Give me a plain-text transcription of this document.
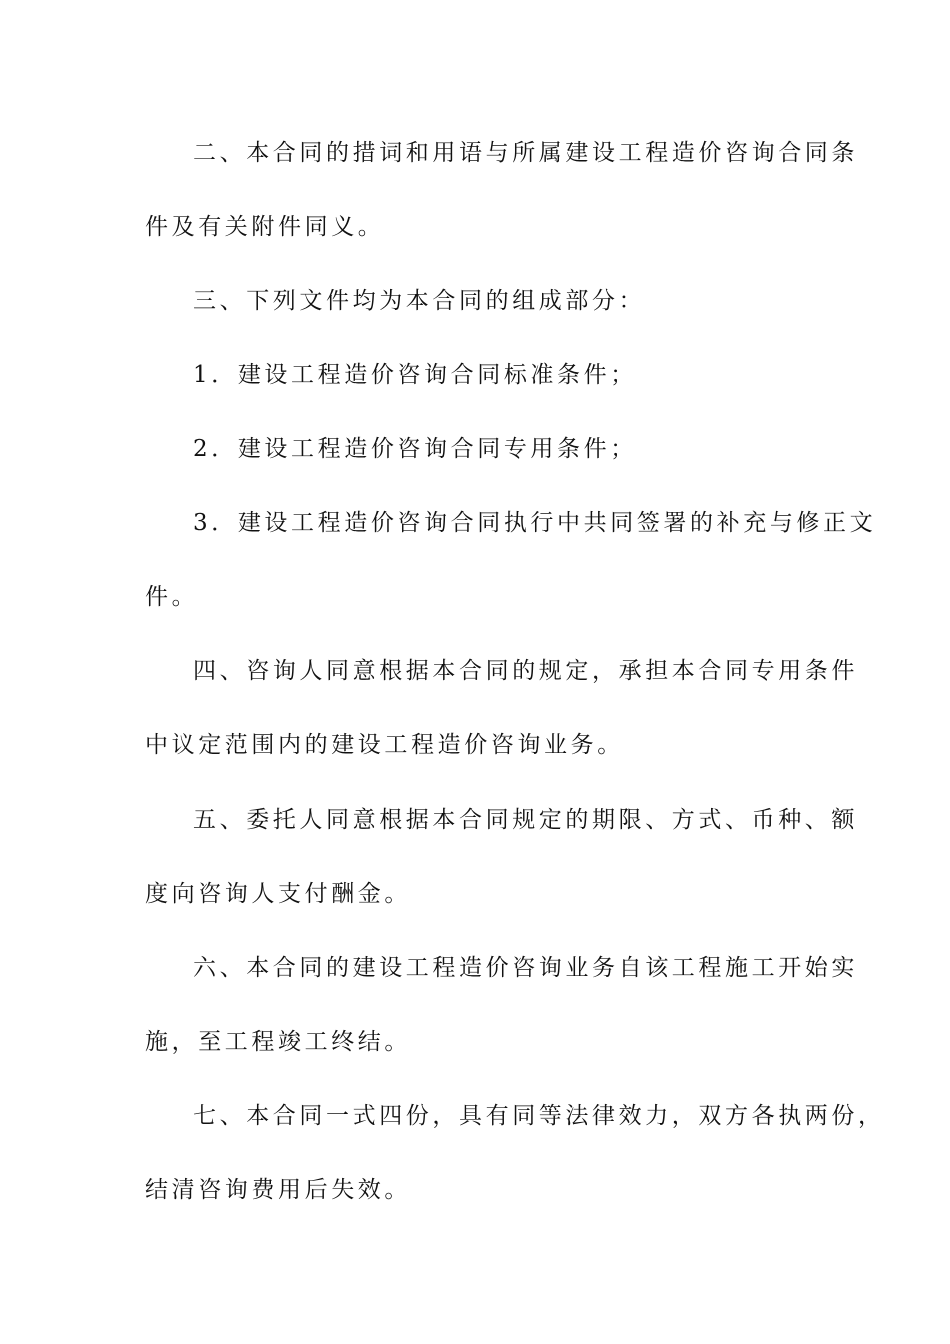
二、本合同的措词和用语与所属建设工程造价咨询合同条
件及有关附件同义。
三、下列文件均为本合同的组成部分：
1．建设工程造价咨询合同标准条件；
2．建设工程造价咨询合同专用条件；
3．建设工程造价咨询合同执行中共同签署的补充与修正文
件。
四、咨询人同意根据本合同的规定，承担本合同专用条件
中议定范围内的建设工程造价咨询业务。
五、委托人同意根据本合同规定的期限、方式、币种、额
度向咨询人支付酬金。
六、本合同的建设工程造价咨询业务自该工程施工开始实
施，至工程竣工终结。
七、本合同一式四份，具有同等法律效力，双方各执两份，
结清咨询费用后失效。
